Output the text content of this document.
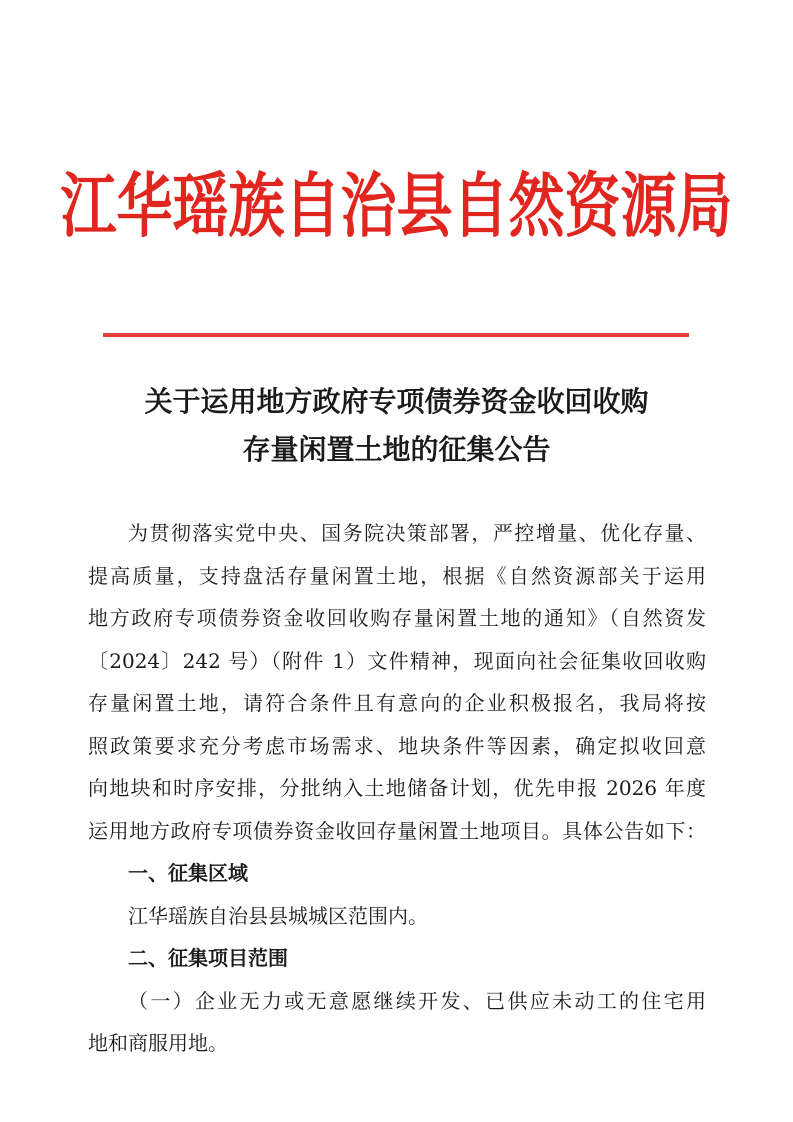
江华瑶族自治县自然资源局
关于运用地方政府专项债券资金收回收购
存量闲置土地的征集公告
为贯彻落实党中央、国务院决策部署，严控增量、优化存量、
提高质量，支持盘活存量闲置土地，根据《自然资源部关于运用
地方政府专项债券资金收回收购存量闲置土地的通知》（自然资发
〔2024〕242 号）（附件 1）文件精神，现面向社会征集收回收购
存量闲置土地，请符合条件且有意向的企业积极报名，我局将按
照政策要求充分考虑市场需求、地块条件等因素，确定拟收回意
向地块和时序安排，分批纳入土地储备计划，优先申报 2026 年度
运用地方政府专项债券资金收回存量闲置土地项目。具体公告如下：
一、征集区域
江华瑶族自治县县城城区范围内。
二、征集项目范围
（一）企业无力或无意愿继续开发、已供应未动工的住宅用
地和商服用地。
